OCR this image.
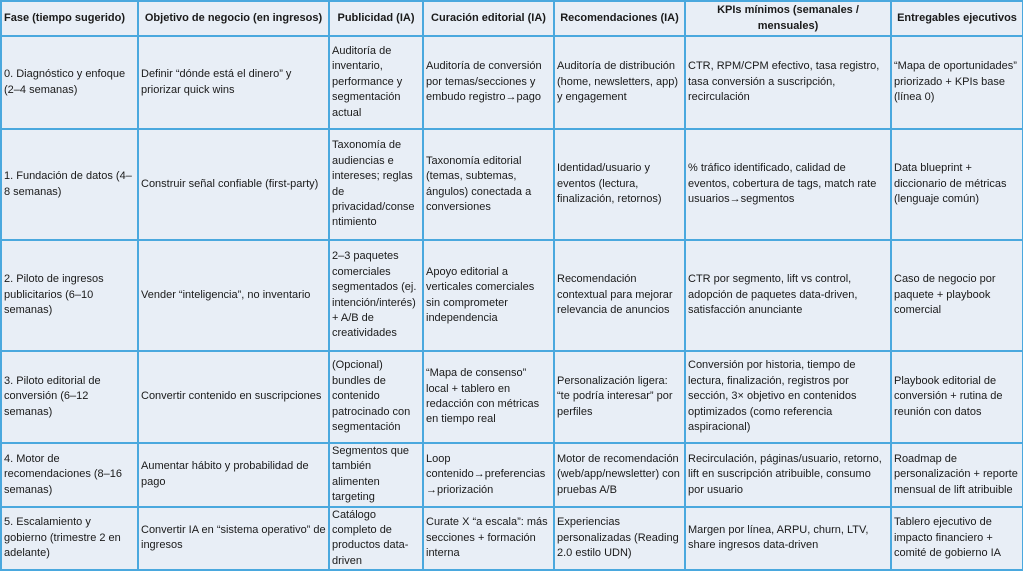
Fase (tiempo sugerido)	Objetivo de negocio (en ingresos)	Publicidad (IA)	Curación editorial (IA)	Recomendaciones (IA)	KPIs mínimos (semanales / mensuales)	Entregables ejecutivos
0. Diagnóstico y enfoque (2–4 semanas)	Definir “dónde está el dinero” y priorizar quick wins	Auditoría de inventario, performance y segmentación actual	Auditoría de conversión por temas/secciones y embudo registro→pago	Auditoría de distribución (home, newsletters, app) y engagement	CTR, RPM/CPM efectivo, tasa registro, tasa conversión a suscripción, recirculación	“Mapa de oportunidades” priorizado + KPIs base (línea 0)
1. Fundación de datos (4–8 semanas)	Construir señal confiable (first-party)	Taxonomía de audiencias e intereses; reglas de privacidad/consentimiento	Taxonomía editorial (temas, subtemas, ángulos) conectada a conversiones	Identidad/usuario y eventos (lectura, finalización, retornos)	% tráfico identificado, calidad de eventos, cobertura de tags, match rate usuarios→segmentos	Data blueprint + diccionario de métricas (lenguaje común)
2. Piloto de ingresos publicitarios (6–10 semanas)	Vender “inteligencia”, no inventario	2–3 paquetes comerciales segmentados (ej. intención/interés) + A/B de creatividades	Apoyo editorial a verticales comerciales sin comprometer independencia	Recomendación contextual para mejorar relevancia de anuncios	CTR por segmento, lift vs control, adopción de paquetes data-driven, satisfacción anunciante	Caso de negocio por paquete + playbook comercial
3. Piloto editorial de conversión (6–12 semanas)	Convertir contenido en suscripciones	(Opcional) bundles de contenido patrocinado con segmentación	“Mapa de consenso” local + tablero en redacción con métricas en tiempo real	Personalización ligera: “te podría interesar” por perfiles	Conversión por historia, tiempo de lectura, finalización, registros por sección, 3× objetivo en contenidos optimizados (como referencia aspiracional)	Playbook editorial de conversión + rutina de reunión con datos
4. Motor de recomendaciones (8–16 semanas)	Aumentar hábito y probabilidad de pago	Segmentos que también alimenten targeting	Loop contenido→preferencias→priorización	Motor de recomendación (web/app/newsletter) con pruebas A/B	Recirculación, páginas/usuario, retorno, lift en suscripción atribuible, consumo por usuario	Roadmap de personalización + reporte mensual de lift atribuible
5. Escalamiento y gobierno (trimestre 2 en adelante)	Convertir IA en “sistema operativo” de ingresos	Catálogo completo de productos data-driven	Curate X “a escala”: más secciones + formación interna	Experiencias personalizadas (Reading 2.0 estilo UDN)	Margen por línea, ARPU, churn, LTV, share ingresos data-driven	Tablero ejecutivo de impacto financiero + comité de gobierno IA
